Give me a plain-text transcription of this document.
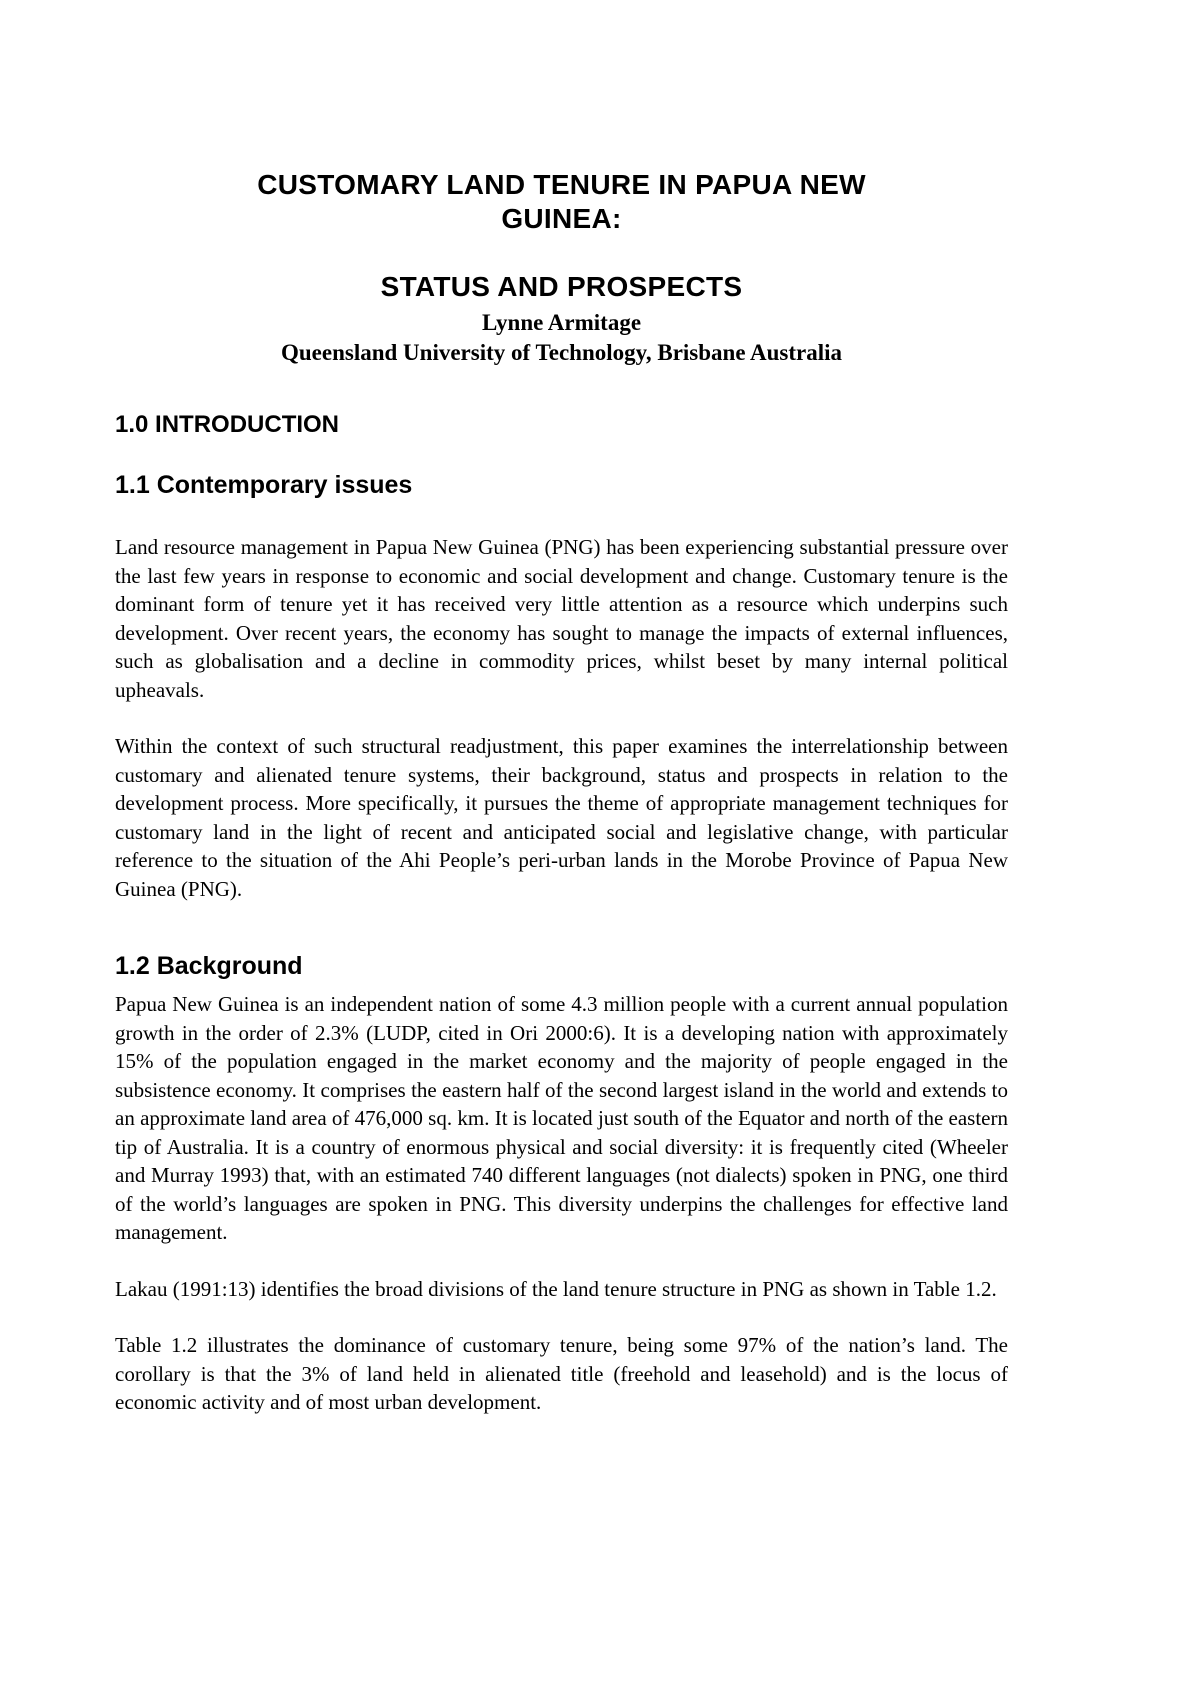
CUSTOMARY LAND TENURE IN PAPUA NEW
GUINEA:
STATUS AND PROSPECTS
Lynne Armitage
Queensland University of Technology, Brisbane Australia
1.0 INTRODUCTION
1.1 Contemporary issues

Land resource management in Papua New Guinea (PNG) has been experiencing substantial pressure over the last few years in response to economic and social development and change. Customary tenure is the dominant form of tenure yet it has received very little attention as a resource which underpins such development. Over recent years, the economy has sought to manage the impacts of external influences, such as globalisation and a decline in commodity prices, whilst beset by many internal political upheavals.

Within the context of such structural readjustment, this paper examines the interrelationship between customary and alienated tenure systems, their background, status and prospects in relation to the development process. More specifically, it pursues the theme of appropriate management techniques for customary land in the light of recent and anticipated social and legislative change, with particular reference to the situation of the Ahi People’s peri-urban lands in the Morobe Province of Papua New Guinea (PNG).

1.2 Background

Papua New Guinea is an independent nation of some 4.3 million people with a current annual population growth in the order of 2.3% (LUDP, cited in Ori 2000:6). It is a developing nation with approximately 15% of the population engaged in the market economy and the majority of people engaged in the subsistence economy. It comprises the eastern half of the second largest island in the world and extends to an approximate land area of 476,000 sq. km. It is located just south of the Equator and north of the eastern tip of Australia. It is a country of enormous physical and social diversity: it is frequently cited (Wheeler and Murray 1993) that, with an estimated 740 different languages (not dialects) spoken in PNG, one third of the world’s languages are spoken in PNG. This diversity underpins the challenges for effective land management.

Lakau (1991:13) identifies the broad divisions of the land tenure structure in PNG as shown in Table 1.2.

Table 1.2 illustrates the dominance of customary tenure, being some 97% of the nation’s land. The corollary is that the 3% of land held in alienated title (freehold and leasehold) and is the locus of economic activity and of most urban development.
